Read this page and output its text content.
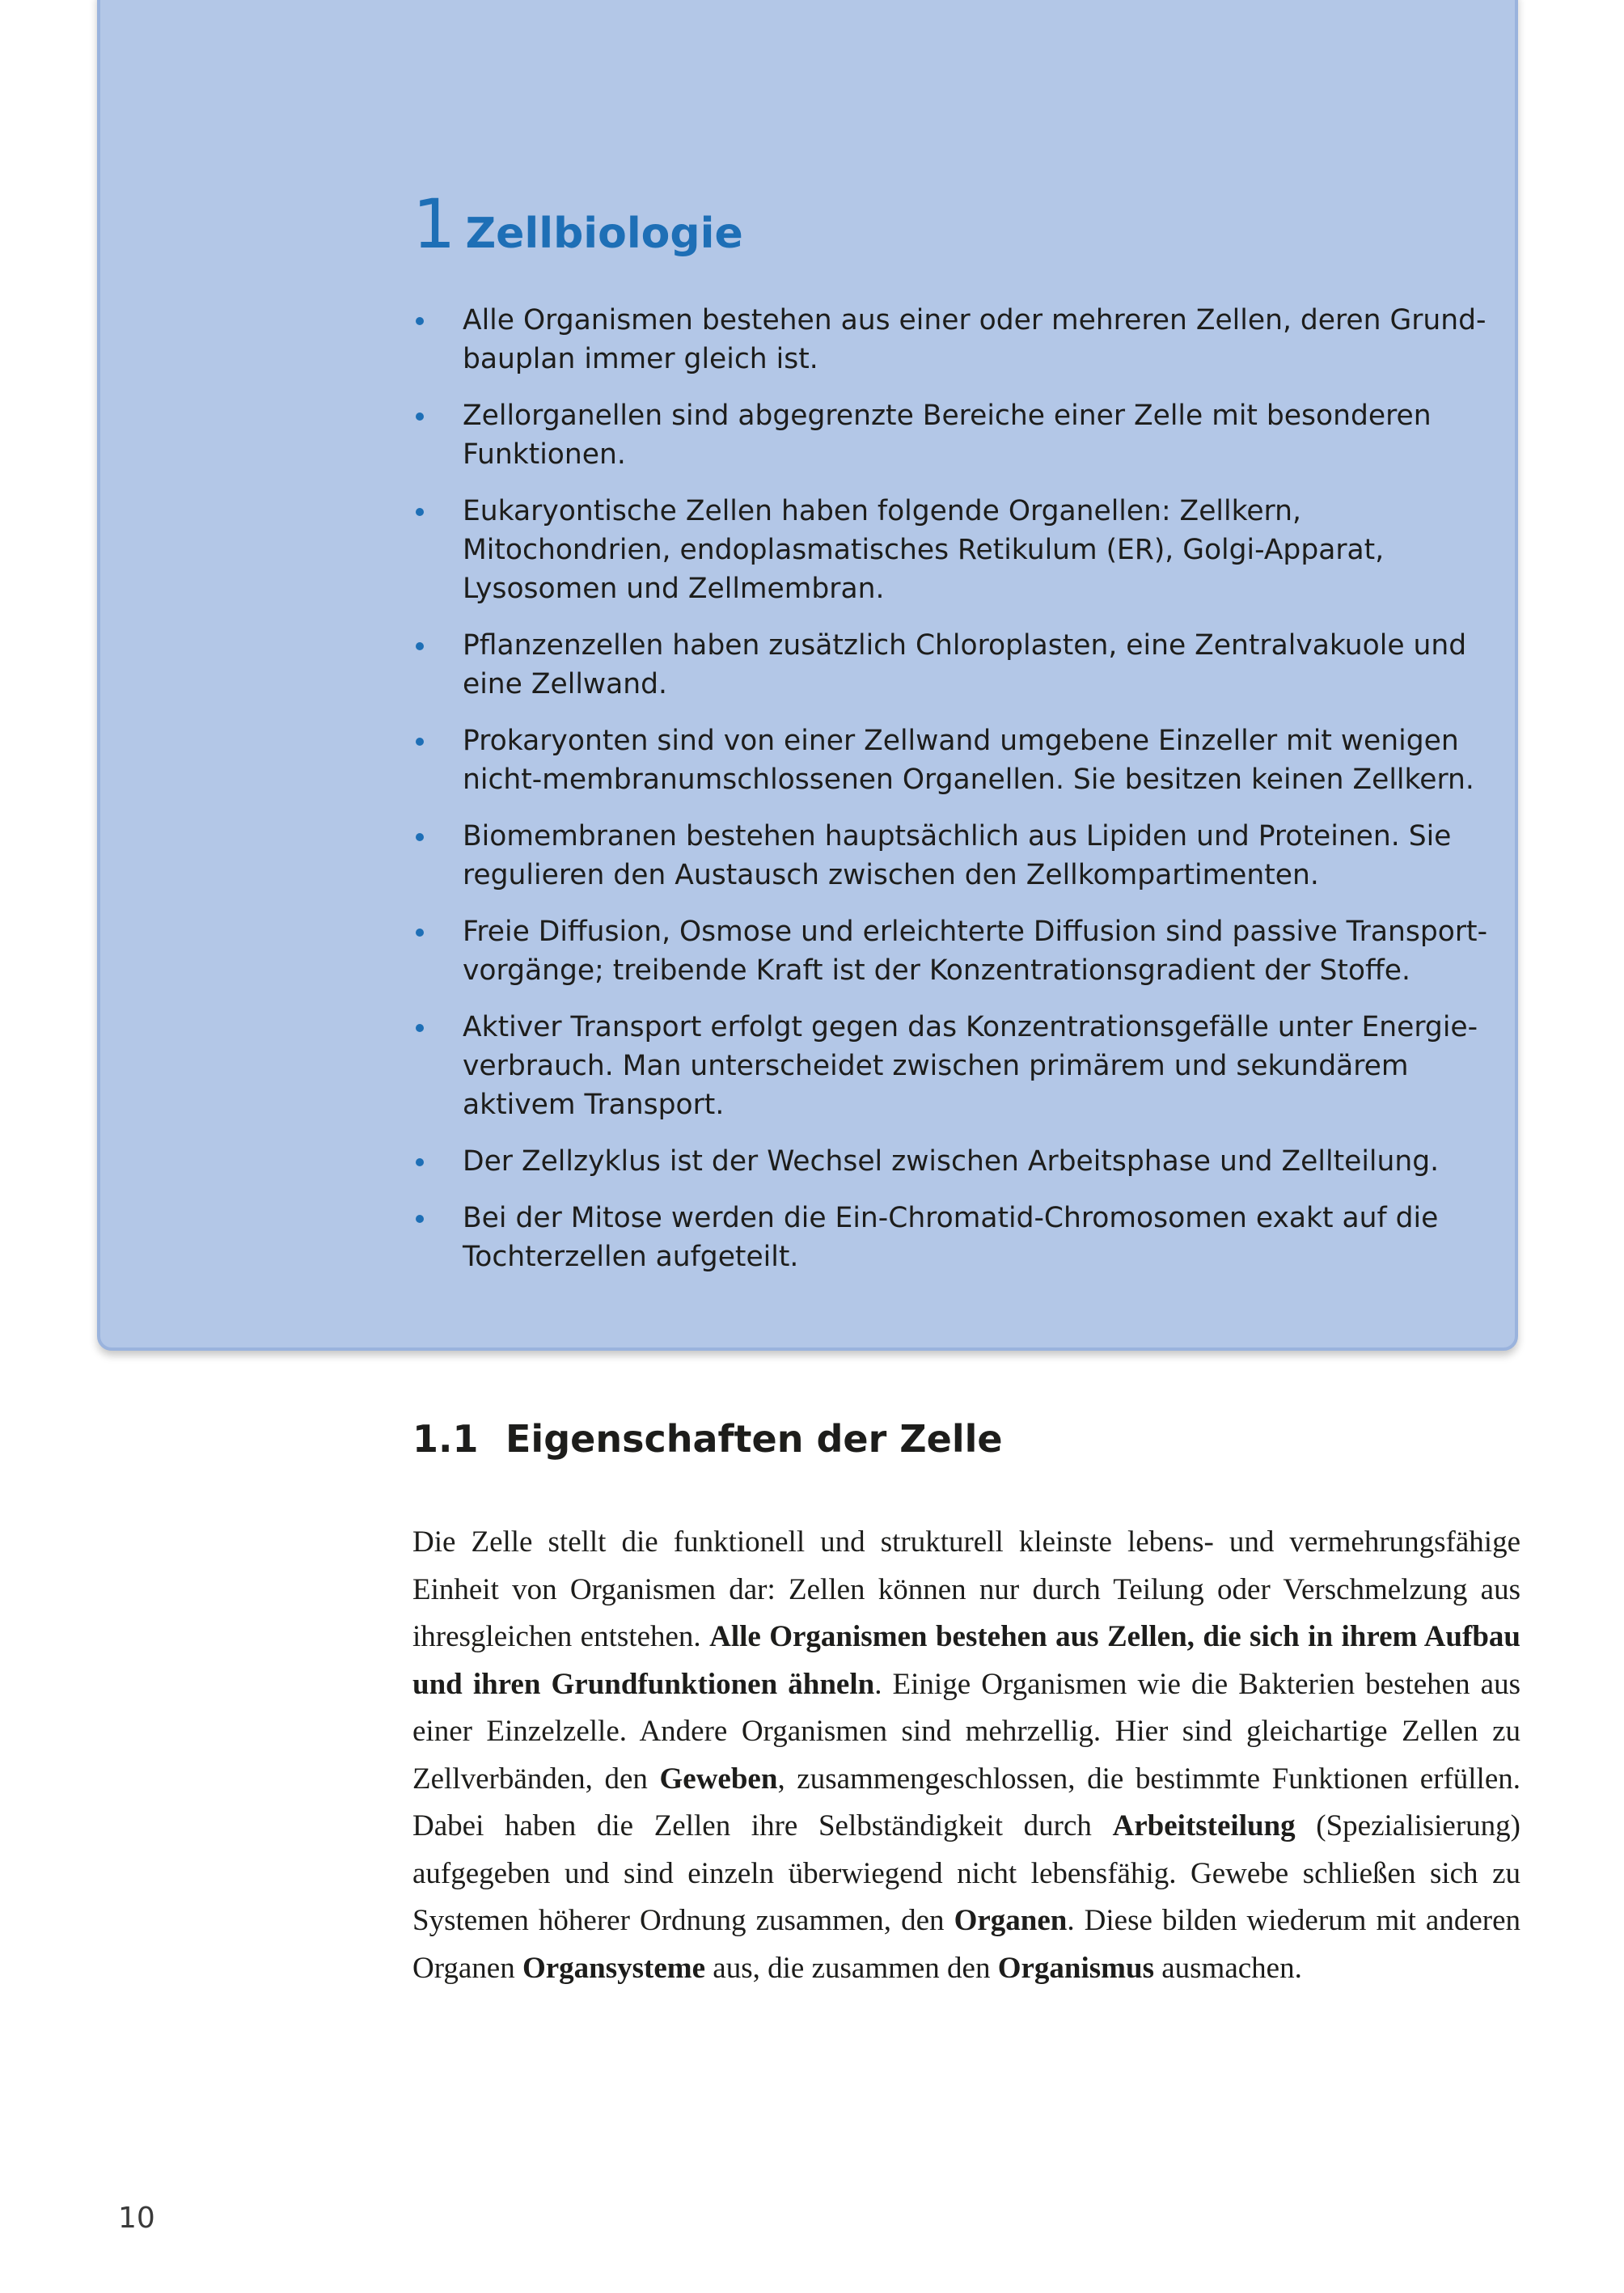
1 Zellbiologie
Alle Organismen bestehen aus einer oder mehreren Zellen, deren Grundbauplan immer gleich ist.
Zellorganellen sind abgegrenzte Bereiche einer Zelle mit besonderen Funktionen.
Eukaryontische Zellen haben folgende Organellen: Zellkern, Mitochondrien, endoplasmatisches Retikulum (ER), Golgi-Apparat, Lysosomen und Zellmembran.
Pflanzenzellen haben zusätzlich Chloroplasten, eine Zentralvakuole und eine Zellwand.
Prokaryonten sind von einer Zellwand umgebene Einzeller mit wenigen nicht-membranumschlossenen Organellen. Sie besitzen keinen Zellkern.
Biomembranen bestehen hauptsächlich aus Lipiden und Proteinen. Sie regulieren den Austausch zwischen den Zellkompartimenten.
Freie Diffusion, Osmose und erleichterte Diffusion sind passive Transportvorgänge; treibende Kraft ist der Konzentrationsgradient der Stoffe.
Aktiver Transport erfolgt gegen das Konzentrationsgefälle unter Energieverbrauch. Man unterscheidet zwischen primärem und sekundärem aktivem Transport.
Der Zellzyklus ist der Wechsel zwischen Arbeitsphase und Zellteilung.
Bei der Mitose werden die Ein-Chromatid-Chromosomen exakt auf die Tochterzellen aufgeteilt.
1.1 Eigenschaften der Zelle

Die Zelle stellt die funktionell und strukturell kleinste lebens- und vermehrungsfähige Einheit von Organismen dar: Zellen können nur durch Teilung oder Verschmelzung aus ihresgleichen entstehen. Alle Organismen bestehen aus Zellen, die sich in ihrem Aufbau und ihren Grundfunktionen ähneln. Einige Organismen wie die Bakterien bestehen aus einer Einzelzelle. Andere Organismen sind mehrzellig. Hier sind gleichartige Zellen zu Zellverbänden, den Geweben, zusammengeschlossen, die bestimmte Funktionen erfüllen. Dabei haben die Zellen ihre Selbständigkeit durch Arbeitsteilung (Spezialisierung) aufgegeben und sind einzeln überwiegend nicht lebensfähig. Gewebe schließen sich zu Systemen höherer Ordnung zusammen, den Organen. Diese bilden wiederum mit anderen Organen Organsysteme aus, die zusammen den Organismus ausmachen.

10
